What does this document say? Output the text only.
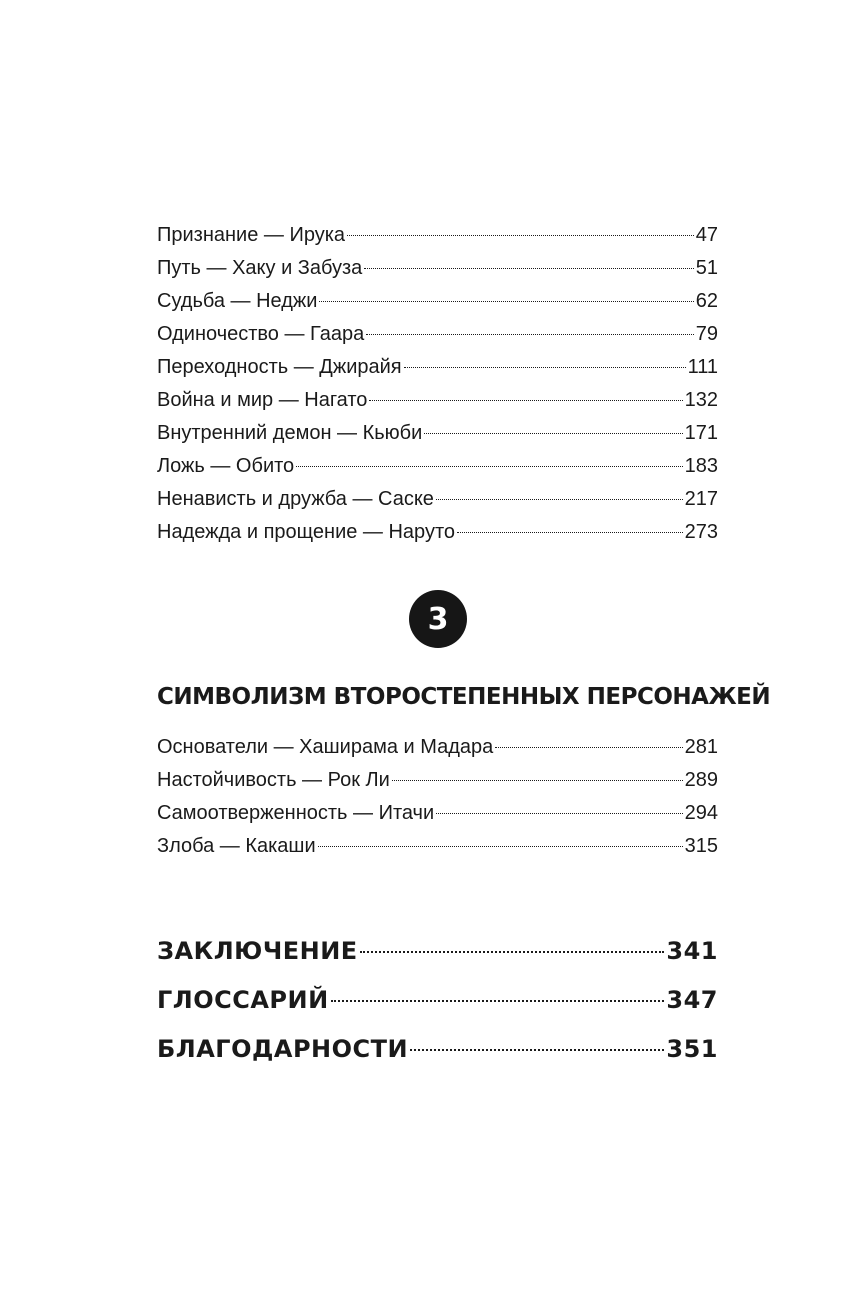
Признание — Ирука	47
Путь — Хаку и Забуза	51
Судьба — Неджи	62
Одиночество — Гаара	79
Переходность — Джирайя	111
Война и мир — Нагато	132
Внутренний демон — Кьюби	171
Ложь — Обито	183
Ненависть и дружба — Саске	217
Надежда и прощение — Наруто	273
3
СИМВОЛИЗМ ВТОРОСТЕПЕННЫХ ПЕРСОНАЖЕЙ
Основатели — Хаширама и Мадара	281
Настойчивость — Рок Ли	289
Самоотверженность — Итачи	294
Злоба — Какаши	315
ЗАКЛЮЧЕНИЕ	341
ГЛОССАРИЙ	347
БЛАГОДАРНОСТИ	351
